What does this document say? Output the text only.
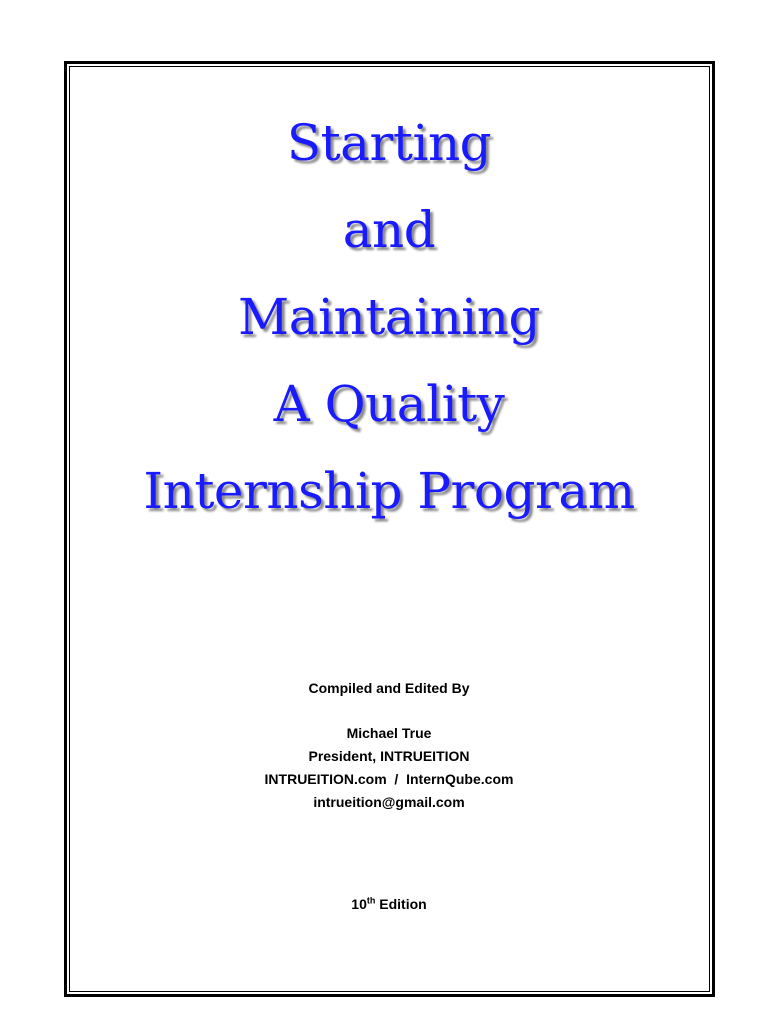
Starting
and
Maintaining
A Quality
Internship Program
Compiled and Edited By
Michael True
President, INTRUEITION
INTRUEITION.com  /  InternQube.com
intrueition@gmail.com
10th Edition
